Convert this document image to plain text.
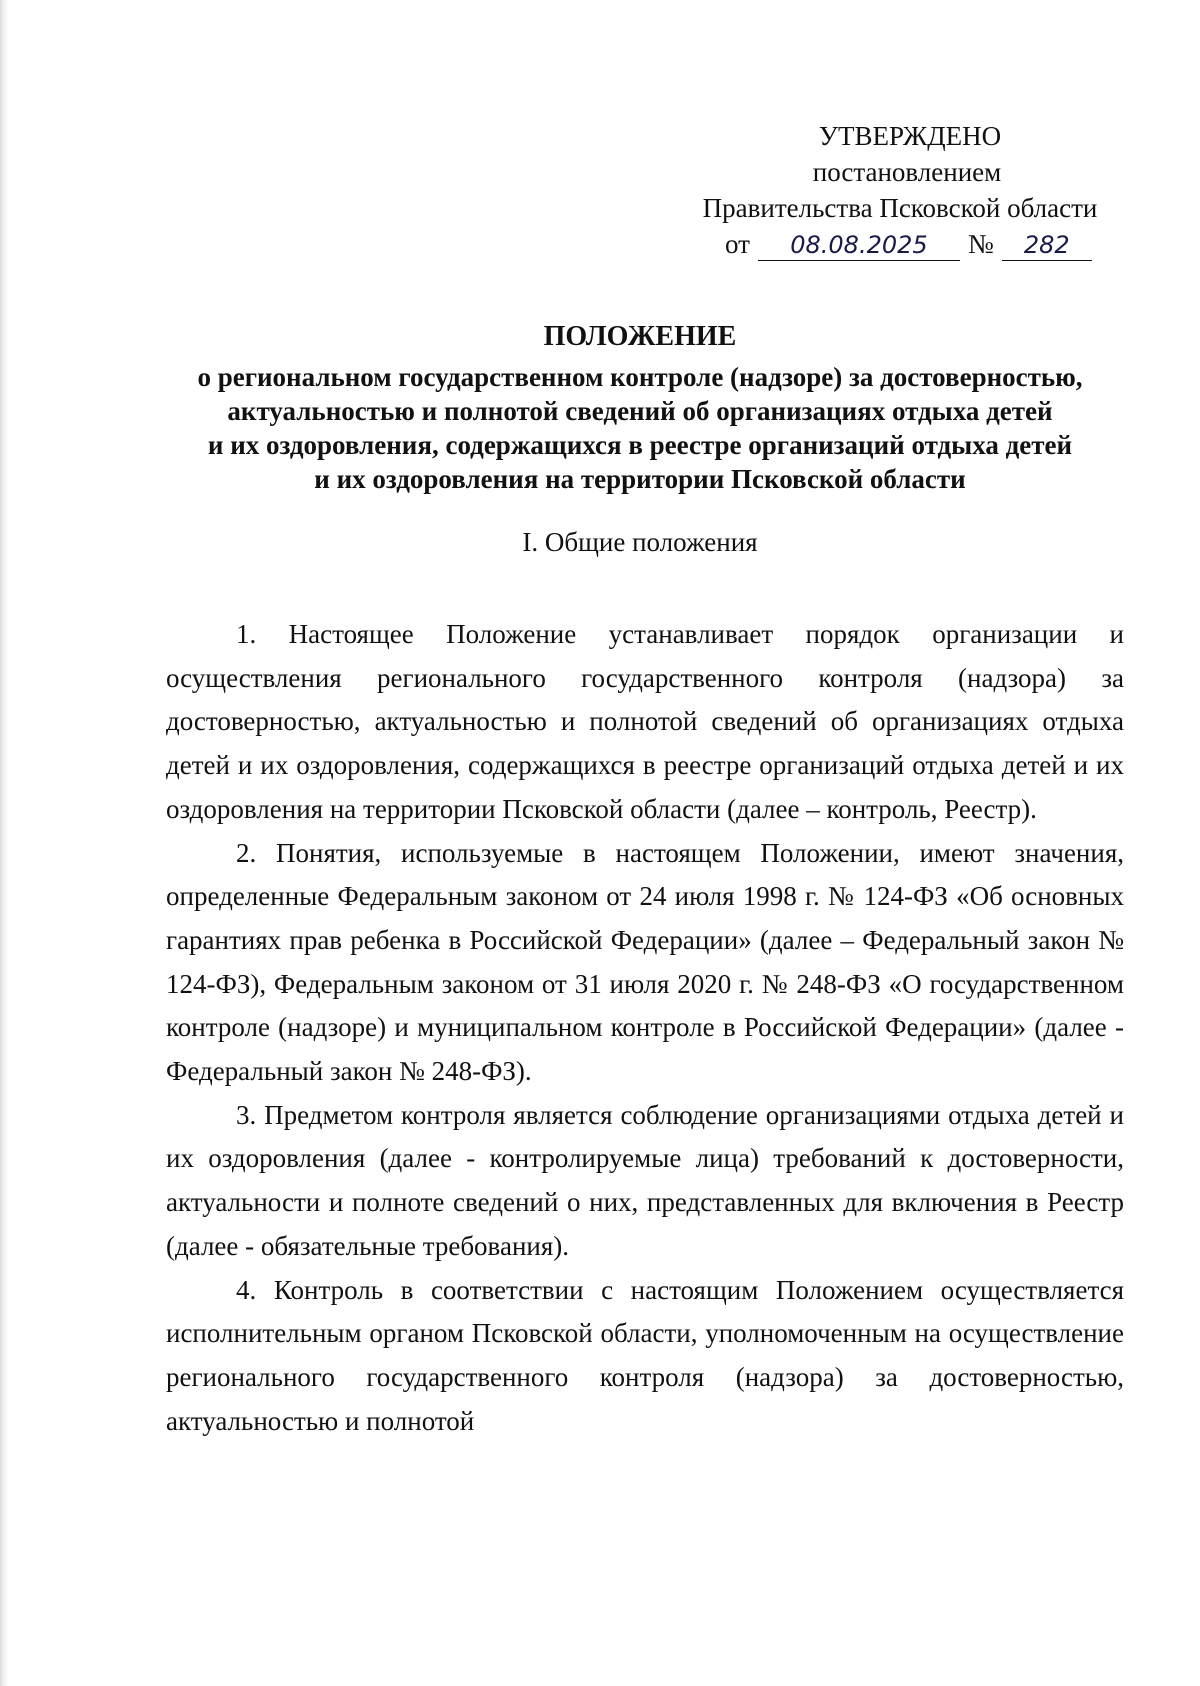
УТВЕРЖДЕНО
постановлением
Правительства Псковской области
от 08.08.2025 № 282
ПОЛОЖЕНИЕ
о региональном государственном контроле (надзоре) за достоверностью,
актуальностью и полнотой сведений об организациях отдыха детей
и их оздоровления, содержащихся в реестре организаций отдыха детей
и их оздоровления на территории Псковской области
I. Общие положения

1. Настоящее Положение устанавливает порядок организации и осуществления регионального государственного контроля (надзора) за достоверностью, актуальностью и полнотой сведений об организациях отдыха детей и их оздоровления, содержащихся в реестре организаций отдыха детей и их оздоровления на территории Псковской области (далее – контроль, Реестр).

2. Понятия, используемые в настоящем Положении, имеют значения, определенные Федеральным законом от 24 июля 1998 г. № 124-ФЗ «Об основных гарантиях прав ребенка в Российской Федерации» (далее – Федеральный закон № 124-ФЗ), Федеральным законом от 31 июля 2020 г. № 248-ФЗ «О государственном контроле (надзоре) и муниципальном контроле в Российской Федерации» (далее - Федеральный закон № 248-ФЗ).

3. Предметом контроля является соблюдение организациями отдыха детей и их оздоровления (далее - контролируемые лица) требований к достоверности, актуальности и полноте сведений о них, представленных для включения в Реестр (далее - обязательные требования).

4. Контроль в соответствии с настоящим Положением осуществляется исполнительным органом Псковской области, уполномоченным на осуществление регионального государственного контроля (надзора) за достоверностью, актуальностью и полнотой
